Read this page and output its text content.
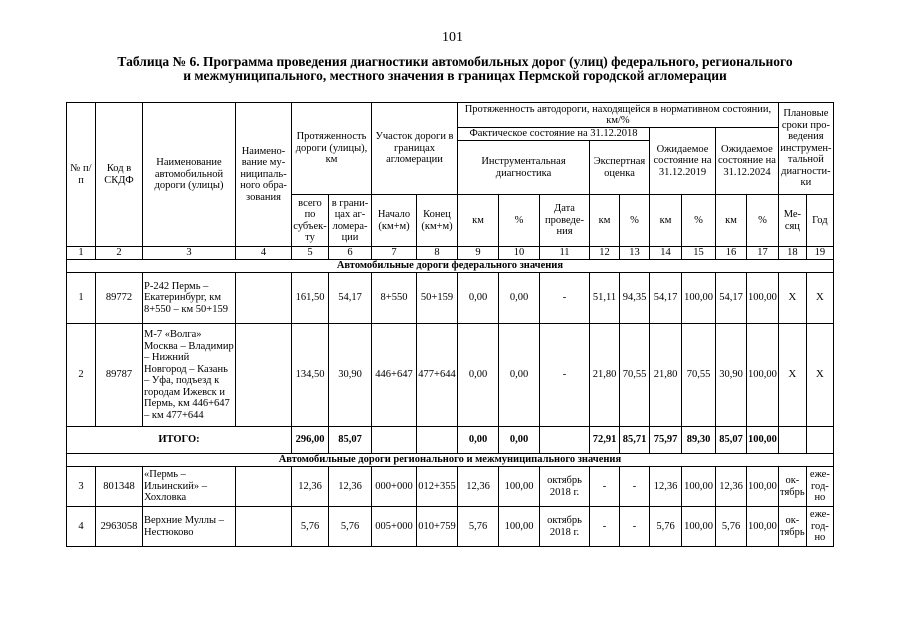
101
Таблица № 6. Программа проведения диагностики автомобильных дорог (улиц) федерального, регионального
и межмуниципального, местного значения в границах Пермской городской агломерации
№ п/п	Код в СКДФ	Наименование автомобильной дороги (улицы)	Наимено-вание му-ниципаль-ного обра-зования	Протяженность дороги (улицы), км		Участок дороги в границах агломерации		Протяженность автодороги, находящейся в нормативном состоянии, км/%									Плановые сроки про-ведения инструмен-тальной диагности-ки	
								Фактическое состояние на 31.12.2018					Ожидаемое состояние на 31.12.2019		Ожидаемое состояние на 31.12.2024			
								Инструментальная диагностика			Экспертная оценка							
				всего по субъек-ту	в грани-цах аг-ломера-ции	Начало (км+м)	Конец (км+м)	км	%	Дата проведе-ния	км	%	км	%	км	%	Ме-сяц	Год
1	2	3	4	5	6	7	8	9	10	11	12	13	14	15	16	17	18	19
Автомобильные дороги федерального значения																		
1	89772	Р-242 Пермь – Екатеринбург, км 8+550 – км 50+159		161,50	54,17	8+550	50+159	0,00	0,00	-	51,11	94,35	54,17	100,00	54,17	100,00	Х	Х
2	89787	М-7 «Волга» Москва – Владимир – Нижний Новгород – Казань – Уфа, подъезд к городам Ижевск и Пермь, км 446+647 – км 477+644		134,50	30,90	446+647	477+644	0,00	0,00	-	21,80	70,55	21,80	70,55	30,90	100,00	Х	Х
ИТОГО:				296,00	85,07			0,00	0,00		72,91	85,71	75,97	89,30	85,07	100,00		
Автомобильные дороги регионального и межмуниципального значения																		
3	801348	«Пермь – Ильинский» – Хохловка		12,36	12,36	000+000	012+355	12,36	100,00	октябрь 2018 г.	-	-	12,36	100,00	12,36	100,00	ок-тябрь	еже-год-но
4	2963058	Верхние Муллы – Нестюково		5,76	5,76	005+000	010+759	5,76	100,00	октябрь 2018 г.	-	-	5,76	100,00	5,76	100,00	ок-тябрь	еже-год-но
